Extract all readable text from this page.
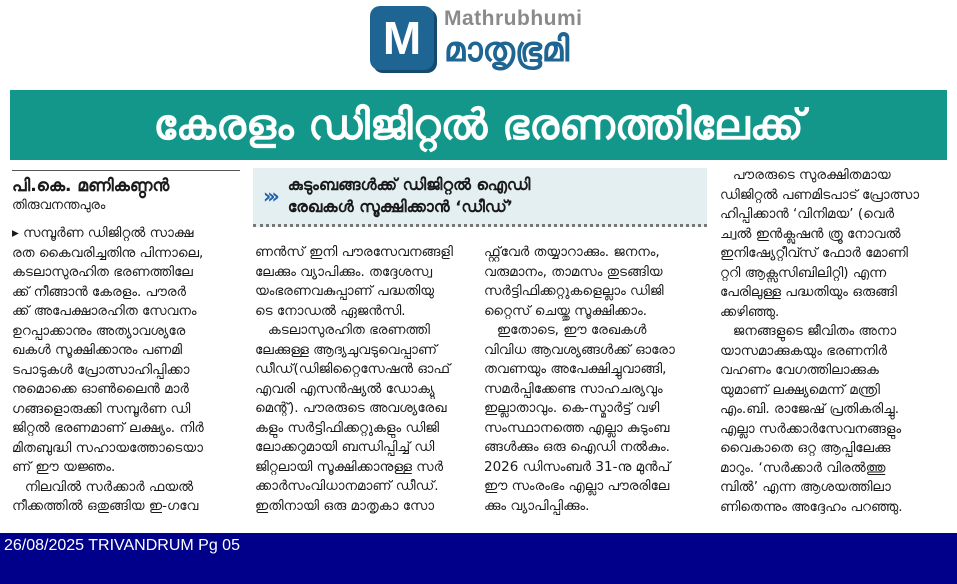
M	Mathrubhumi
മാതൃഭൂമി
കേരളം ഡിജിറ്റൽ ഭരണത്തിലേക്ക്
പി.കെ. മണികണ്ഠൻ
തിരുവനന്തപുരം	››› കുടുംബങ്ങൾക്ക് ഡിജിറ്റൽ ഐഡി
രേഖകൾ സൂക്ഷിക്കാൻ ‘ഡീഡ്’
▸ സമ്പൂർണ ഡിജിറ്റൽ സാക്ഷ
രത കൈവരിച്ചതിനു പിന്നാലെ,
കടലാസുരഹിത ഭരണത്തിലേ
ക്ക് നീങ്ങാൻ കേരളം. പൗരർ
ക്ക് അപേക്ഷാരഹിത സേവനം
ഉറപ്പാക്കാനും അത്യാവശ്യരേ
ഖകൾ സൂക്ഷിക്കാനും പണമി
ടപാടുകൾ പ്രോത്സാഹിപ്പിക്കാ
നുമൊക്കെ ഓൺലൈൻ മാർ
ഗങ്ങളൊരുക്കി സമ്പൂർണ ഡി
ജിറ്റൽ ഭരണമാണ് ലക്ഷ്യം. നിർ
മിതബുദ്ധി സഹായത്തോടെയാ
ണ് ഈ യജ്ഞം.
നിലവിൽ സർക്കാർ ഫയൽ
നീക്കത്തിൽ ഒതുങ്ങിയ ഇ-ഗവേ
ണൻസ് ഇനി പൗരസേവനങ്ങളി
ലേക്കും വ്യാപിക്കും. തദ്ദേശസ്വ
യംഭരണവകുപ്പാണ് പദ്ധതിയു
ടെ നോഡൽ ഏജൻസി.
കടലാസുരഹിത ഭരണത്തി
ലേക്കുള്ള ആദ്യചുവടുവെപ്പാണ്
ഡീഡ്(ഡിജിറ്റൈസേഷൻ ഓഫ്
എവരി എസൻഷ്യൽ ഡോക്യു
മെന്റ്). പൗരരുടെ അവശ്യരേഖ
കളും സർട്ടിഫിക്കറ്റുകളും ഡിജി
ലോക്കറുമായി ബന്ധിപ്പിച്ച് ഡി
ജിറ്റലായി സൂക്ഷിക്കാനുള്ള സർ
ക്കാർസംവിധാനമാണ് ഡീഡ്.
ഇതിനായി ഒരു മാതൃകാ സോ
ഫ്റ്റ്‌വേർ തയ്യാറാക്കും. ജനനം,
വരുമാനം, താമസം തുടങ്ങിയ
സർട്ടിഫിക്കറ്റുകളെല്ലാം ഡിജി
റ്റൈസ് ചെയ്തു സൂക്ഷിക്കാം.
ഇതോടെ, ഈ രേഖകൾ
വിവിധ ആവശ്യങ്ങൾക്ക് ഓരോ
തവണയും അപേക്ഷിച്ചുവാങ്ങി,
സമർപ്പിക്കേണ്ട സാഹചര്യവും
ഇല്ലാതാവും. കെ-സ്മാർട്ട് വഴി
സംസ്ഥാനത്തെ എല്ലാ കുടുംബ
ങ്ങൾക്കും ഒരു ഐഡി നൽകും.
2026 ഡിസംബർ 31-നു മുൻപ്
ഈ സംരംഭം എല്ലാ പൗരരിലേ
ക്കും വ്യാപിപ്പിക്കും.
പൗരരുടെ സുരക്ഷിതമായ
ഡിജിറ്റൽ പണമിടപാട് പ്രോത്സാ
ഹിപ്പിക്കാൻ ‘വിനിമയ’ (വെർ
ച്വൽ ഇൻക്ലൂഷൻ ത്രൂ നോവൽ
ഇനിഷ്യേറ്റീവ്സ് ഫോർ മോണി
റ്ററി ആക്സസിബിലിറ്റി) എന്ന
പേരിലുള്ള പദ്ധതിയും ഒരുങ്ങി
ക്കഴിഞ്ഞു.
ജനങ്ങളുടെ ജീവിതം അനാ
യാസമാക്കുകയും ഭരണനിർ
വഹണം വേഗത്തിലാക്കുക
യുമാണ് ലക്ഷ്യമെന്ന് മന്ത്രി
എം.ബി. രാജേഷ് പ്രതികരിച്ചു.
എല്ലാ സർക്കാർസേവനങ്ങളും
വൈകാതെ ഒറ്റ ആപ്പിലേക്കു
മാറും. ‘സർക്കാർ വിരൽത്തു
മ്പിൽ’ എന്ന ആശയത്തിലാ
ണിതെന്നും അദ്ദേഹം പറഞ്ഞു.
26/08/2025 TRIVANDRUM Pg 05
